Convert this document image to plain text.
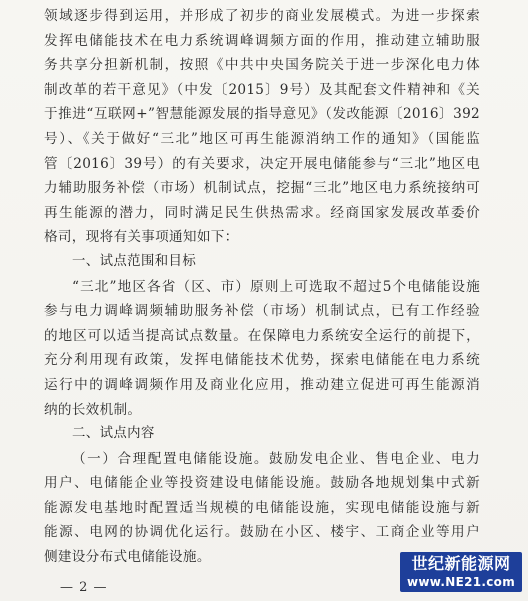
领域逐步得到运用，并形成了初步的商业发展模式。为进一步探索
发挥电储能技术在电力系统调峰调频方面的作用，推动建立辅助服
务共享分担新机制，按照《中共中央国务院关于进一步深化电力体
制改革的若干意见》（中发〔2015〕9号）及其配套文件精神和《关
于推进“互联网+”智慧能源发展的指导意见》（发改能源〔2016〕392
号）、《关于做好“三北”地区可再生能源消纳工作的通知》（国能监
管〔2016〕39号）的有关要求，决定开展电储能参与“三北”地区电
力辅助服务补偿（市场）机制试点，挖掘“三北”地区电力系统接纳可
再生能源的潜力，同时满足民生供热需求。经商国家发展改革委价
格司，现将有关事项通知如下：
一、试点范围和目标
“三北”地区各省（区、市）原则上可选取不超过5个电储能设施
参与电力调峰调频辅助服务补偿（市场）机制试点，已有工作经验
的地区可以适当提高试点数量。在保障电力系统安全运行的前提下，
充分利用现有政策，发挥电储能技术优势，探索电储能在电力系统
运行中的调峰调频作用及商业化应用，推动建立促进可再生能源消
纳的长效机制。
二、试点内容
（一）合理配置电储能设施。鼓励发电企业、售电企业、电力
用户、电储能企业等投资建设电储能设施。鼓励各地规划集中式新
能源发电基地时配置适当规模的电储能设施，实现电储能设施与新
能源、电网的协调优化运行。鼓励在小区、楼宇、工商企业等用户
侧建设分布式电储能设施。
— 2 —
世纪新能源网
www.NE21.com
